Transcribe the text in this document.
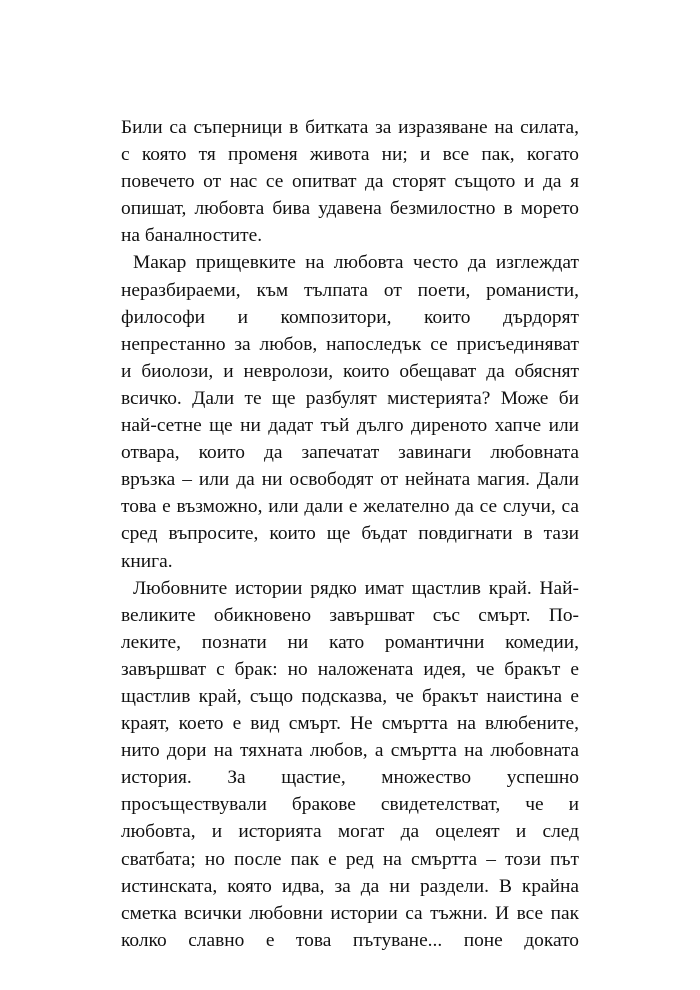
Били са съперници в битката за изразяване на силата,
с която тя променя живота ни; и все пак, когато
повечето от нас се опитват да сторят същото и да я
опишат, любовта бива удавена безмилостно в морето
на баналностите.
Макар прищевките на любовта често да изглеждат
неразбираеми, към тълпата от поети, романисти,
философи и композитори, които дърдорят
непрестанно за любов, напоследък се присъединяват
и биолози, и невролози, които обещават да обяснят
всичко. Дали те ще разбулят мистерията? Може би
най-сетне ще ни дадат тъй дълго диреното хапче или
отвара, които да запечатат завинаги любовната
връзка – или да ни освободят от нейната магия. Дали
това е възможно, или дали е желателно да се случи, са
сред въпросите, които ще бъдат повдигнати в тази
книга.
Любовните истории рядко имат щастлив край. Най-
великите обикновено завършват със смърт. По-
леките, познати ни като романтични комедии,
завършват с брак: но наложената идея, че бракът е
щастлив край, също подсказва, че бракът наистина е
краят, което е вид смърт. Не смъртта на влюбените,
нито дори на тяхната любов, а смъртта на любовната
история. За щастие, множество успешно
просъществували бракове свидетелстват, че и
любовта, и историята могат да оцелеят и след
сватбата; но после пак е ред на смъртта – този път
истинската, която идва, за да ни раздели. В крайна
сметка всички любовни истории са тъжни. И все пак
колко славно е това пътуване... поне докато
